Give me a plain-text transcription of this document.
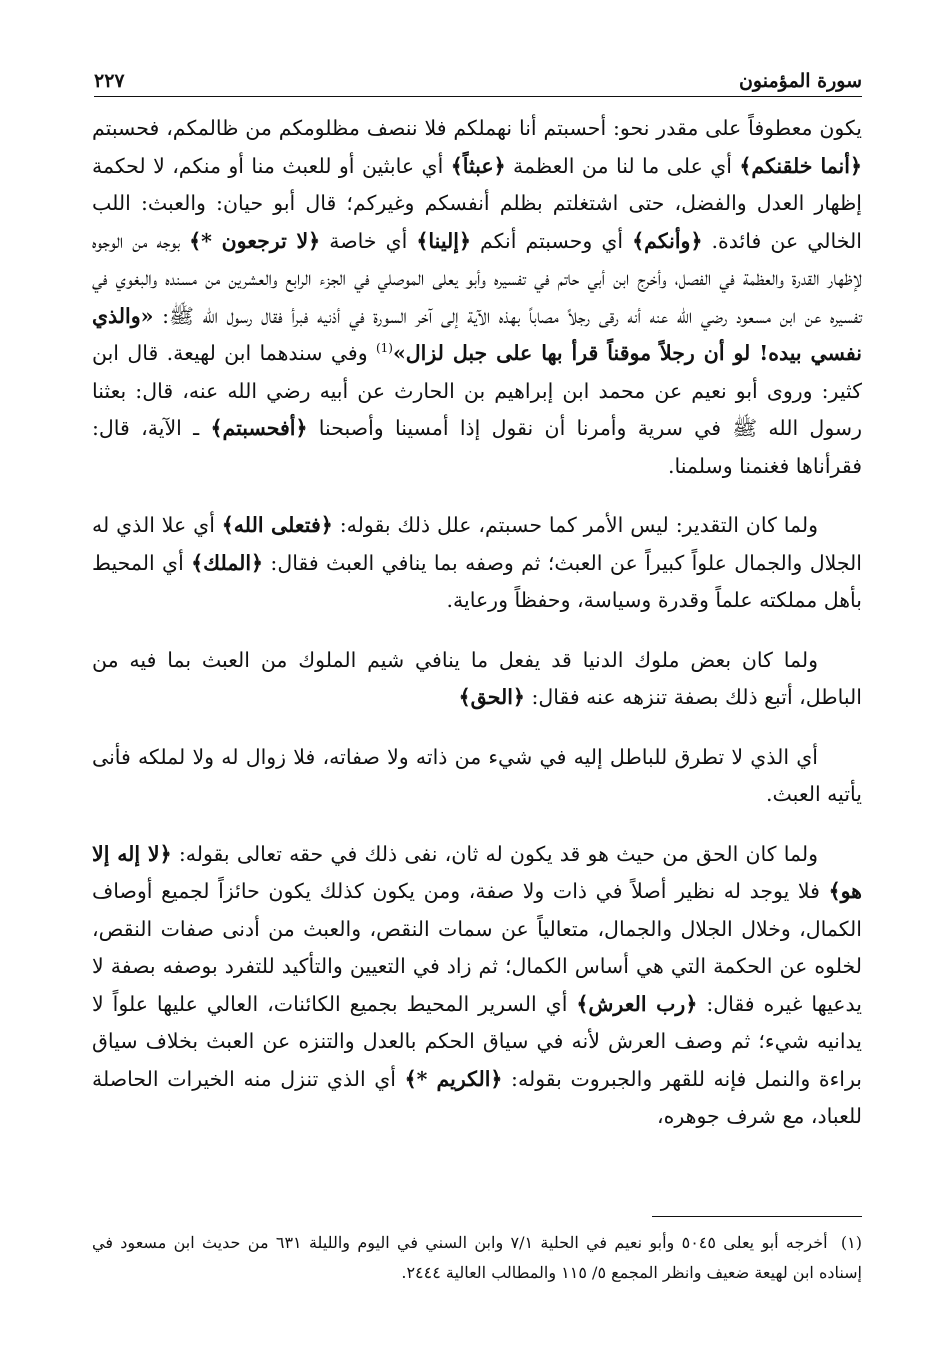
سورة المؤمنون
٢٢٧

يكون معطوفاً على مقدر نحو: أحسبتم أنا نهملكم فلا ننصف مظلومكم من ظالمكم، فحسبتم ﴿أنما خلقنكم﴾ أي على ما لنا من العظمة ﴿عبثاً﴾ أي عابثين أو للعبث منا أو منكم، لا لحكمة إظهار العدل والفضل، حتى اشتغلتم بظلم أنفسكم وغيركم؛ قال أبو حيان: والعبث: اللب الخالي عن فائدة. ﴿وأنكم﴾ أي وحسبتم أنكم ﴿إلينا﴾ أي خاصة ﴿لا ترجعون *﴾ بوجه من الوجوه لإظهار القدرة والعظمة في الفصل، وأخرج ابن أبي حاتم في تفسيره وأبو يعلى الموصلي في الجزء الرابع والعشرين من مسنده والبغوي في تفسيره عن ابن مسعود رضي الله عنه أنه رقى رجلاً مصاباً بهذه الآية إلى آخر السورة في أذنيه فبرأ فقال رسول الله ﷺ: «والذي نفسي بيده! لو أن رجلاً موقناً قرأ بها على جبل لزال»$^{(1)}$ وفي سندهما ابن لهيعة. قال ابن كثير: وروى أبو نعيم عن محمد ابن إبراهيم بن الحارث عن أبيه رضي الله عنه، قال: بعثنا رسول الله ﷺ في سرية وأمرنا أن نقول إذا أمسينا وأصبحنا ﴿أفحسبتم﴾ ـ الآية، قال: فقرأناها فغنمنا وسلمنا.

ولما كان التقدير: ليس الأمر كما حسبتم، علل ذلك بقوله: ﴿فتعلى الله﴾ أي علا الذي له الجلال والجمال علواً كبيراً عن العبث؛ ثم وصفه بما ينافي العبث فقال: ﴿الملك﴾ أي المحيط بأهل مملكته علماً وقدرة وسياسة، وحفظاً ورعاية.

ولما كان بعض ملوك الدنيا قد يفعل ما ينافي شيم الملوك من العبث بما فيه من الباطل، أتبع ذلك بصفة تنزهه عنه فقال: ﴿الحق﴾

أي الذي لا تطرق للباطل إليه في شيء من ذاته ولا صفاته، فلا زوال له ولا لملكه فأنى يأتيه العبث.

ولما كان الحق من حيث هو قد يكون له ثان، نفى ذلك في حقه تعالى بقوله: ﴿لا إله إلا هو﴾ فلا يوجد له نظير أصلاً في ذات ولا صفة، ومن يكون كذلك يكون حائزاً لجميع أوصاف الكمال، وخلال الجلال والجمال، متعالياً عن سمات النقص، والعبث من أدنى صفات النقص، لخلوه عن الحكمة التي هي أساس الكمال؛ ثم زاد في التعيين والتأكيد للتفرد بوصفه بصفة لا يدعيها غيره فقال: ﴿رب العرش﴾ أي السرير المحيط بجميع الكائنات، العالي عليها علواً لا يدانيه شيء؛ ثم وصف العرش لأنه في سياق الحكم بالعدل والتنزه عن العبث بخلاف سياق براءة والنمل فإنه للقهر والجبروت بقوله: ﴿الكريم *﴾ أي الذي تنزل منه الخيرات الحاصلة للعباد، مع شرف جوهره،

(١) أخرجه أبو يعلى ٥٠٤٥ وأبو نعيم في الحلية ٧/١ وابن السني في اليوم والليلة ٦٣١ من حديث ابن مسعود في إسناده ابن لهيعة ضعيف وانظر المجمع ٥/ ١١٥ والمطالب العالية ٢٤٤٤.
